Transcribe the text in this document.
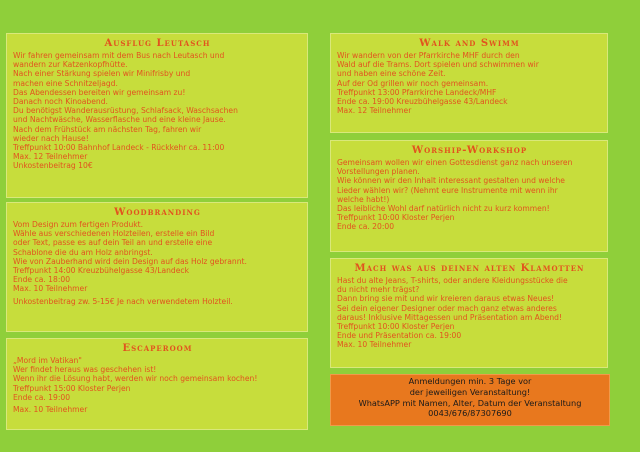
Ausflug Leutasch
Wir fahren gemeinsam mit dem Bus nach Leutasch und
wandern zur Katzenkopfhütte.
Nach einer Stärkung spielen wir Minifrisby und
machen eine Schnitzeljagd.
Das Abendessen bereiten wir gemeinsam zu!
Danach noch Kinoabend.
Du benötigst Wanderausrüstung, Schlafsack, Waschsachen
und Nachtwäsche, Wasserflasche und eine kleine Jause.
Nach dem Frühstück am nächsten Tag, fahren wir
wieder nach Hause!
Treffpunkt 10:00 Bahnhof Landeck - Rückkehr ca. 11:00
Max. 12 Teilnehmer
Unkostenbeitrag 10€
Woodbranding
Vom Design zum fertigen Produkt.
Wähle aus verschiedenen Holzteilen, erstelle ein Bild
oder Text, passe es auf dein Teil an und erstelle eine
Schablone die du am Holz anbringst.
Wie von Zauberhand wird dein Design auf das Holz gebrannt.
Treffpunkt 14:00 Kreuzbühelgasse 43/Landeck
Ende ca. 18:00
Max. 10 Teilnehmer
Unkostenbeitrag zw. 5-15€ Je nach verwendetem Holzteil.
Escaperoom
„Mord im Vatikan"
Wer findet heraus was geschehen ist!
Wenn ihr die Lösung habt, werden wir noch gemeinsam kochen!
Treffpunkt 15:00 Kloster Perjen
Ende ca. 19:00
Max. 10 Teilnehmer
Walk and Swimm
Wir wandern von der Pfarrkirche MHF durch den
Wald auf die Trams. Dort spielen und schwimmen wir
und haben eine schöne Zeit.
Auf der Od grillen wir noch gemeinsam.
Treffpunkt 13:00 Pfarrkirche Landeck/MHF
Ende ca. 19:00 Kreuzbühelgasse 43/Landeck
Max. 12 Teilnehmer
Worship-Workshop
Gemeinsam wollen wir einen Gottesdienst ganz nach unseren
Vorstellungen planen.
Wie können wir den Inhalt interessant gestalten und welche
Lieder wählen wir? (Nehmt eure Instrumente mit wenn ihr
welche habt!)
Das leibliche Wohl darf natürlich nicht zu kurz kommen!
Treffpunkt 10:00 Kloster Perjen
Ende ca. 20:00
Mach was aus deinen alten Klamotten
Hast du alte Jeans, T-shirts, oder andere Kleidungsstücke die
du nicht mehr trägst?
Dann bring sie mit und wir kreieren daraus etwas Neues!
Sei dein eigener Designer oder mach ganz etwas anderes
daraus! Inklusive Mittagessen und Präsentation am Abend!
Treffpunkt 10:00 Kloster Perjen
Ende und Präsentation ca. 19:00
Max. 10 Teilnehmer
Anmeldungen min. 3 Tage vor
der jeweiligen Veranstaltung!
WhatsAPP mit Namen, Alter, Datum der Veranstaltung
0043/676/87307690
